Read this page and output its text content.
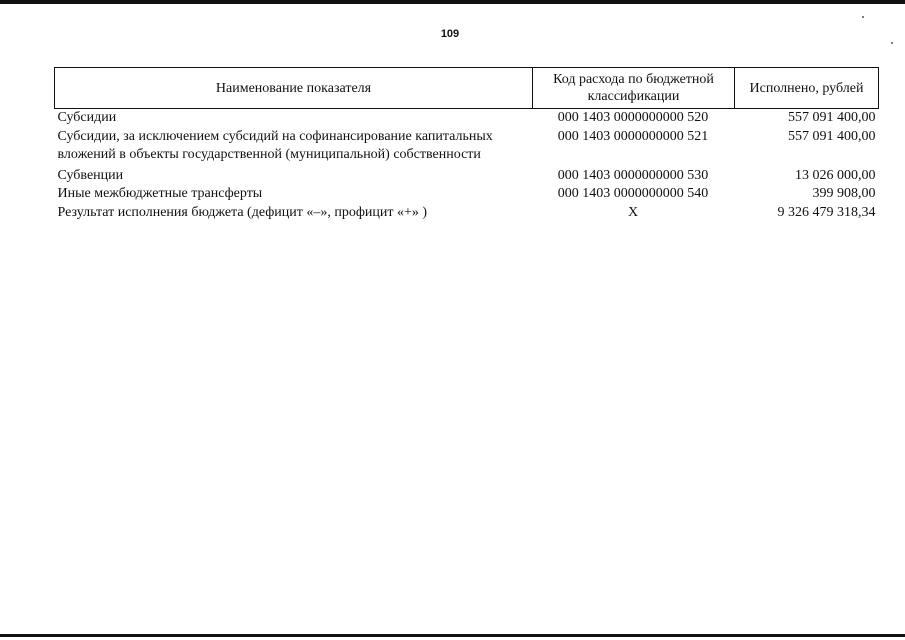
109
Наименование показателя	Код расхода по бюджетной классификации	Исполнено, рублей
Субсидии	000 1403 0000000000 520	557 091 400,00
Субсидии, за исключением субсидий на софинансирование капитальных вложений в объекты государственной (муниципальной) собственности	000 1403 0000000000 521	557 091 400,00
Субвенции	000 1403 0000000000 530	13 026 000,00
Иные межбюджетные трансферты	000 1403 0000000000 540	399 908,00
Результат исполнения бюджета (дефицит «–», профицит «+» )	X	9 326 479 318,34
